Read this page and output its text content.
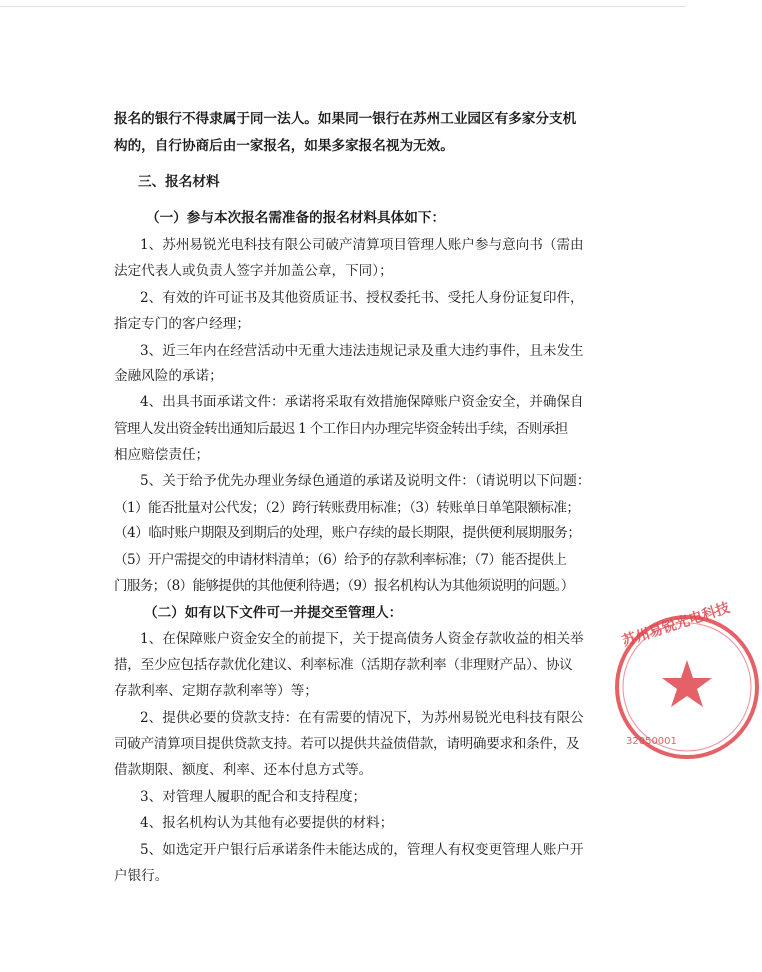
报名的银行不得隶属于同一法人。如果同一银行在苏州工业园区有多家分支机
构的，自行协商后由一家报名，如果多家报名视为无效。
三、报名材料
（一）参与本次报名需准备的报名材料具体如下：
1、苏州易锐光电科技有限公司破产清算项目管理人账户参与意向书（需由
法定代表人或负责人签字并加盖公章，下同）；
2、有效的许可证书及其他资质证书、授权委托书、受托人身份证复印件，
指定专门的客户经理；
3、近三年内在经营活动中无重大违法违规记录及重大违约事件，且未发生
金融风险的承诺；
4、出具书面承诺文件：承诺将采取有效措施保障账户资金安全，并确保自
管理人发出资金转出通知后最迟 1 个工作日内办理完毕资金转出手续，否则承担
相应赔偿责任；
5、关于给予优先办理业务绿色通道的承诺及说明文件：（请说明以下问题：
（1）能否批量对公代发；（2）跨行转账费用标准；（3）转账单日单笔限额标准；
（4）临时账户期限及到期后的处理，账户存续的最长期限，提供便利展期服务；
（5）开户需提交的申请材料清单；（6）给予的存款利率标准；（7）能否提供上
门服务；（8）能够提供的其他便利待遇；（9）报名机构认为其他须说明的问题。）
（二）如有以下文件可一并提交至管理人：
1、在保障账户资金安全的前提下，关于提高债务人资金存款收益的相关举
措，至少应包括存款优化建议、利率标准（活期存款利率（非理财产品）、协议
存款利率、定期存款利率等）等；
2、提供必要的贷款支持：在有需要的情况下，为苏州易锐光电科技有限公
司破产清算项目提供贷款支持。若可以提供共益债借款，请明确要求和条件，及
借款期限、额度、利率、还本付息方式等。
3、对管理人履职的配合和支持程度；
4、报名机构认为其他有必要提供的材料；
5、如选定开户银行后承诺条件未能达成的，管理人有权变更管理人账户开
户银行。
苏州易锐光电科技
32050001
